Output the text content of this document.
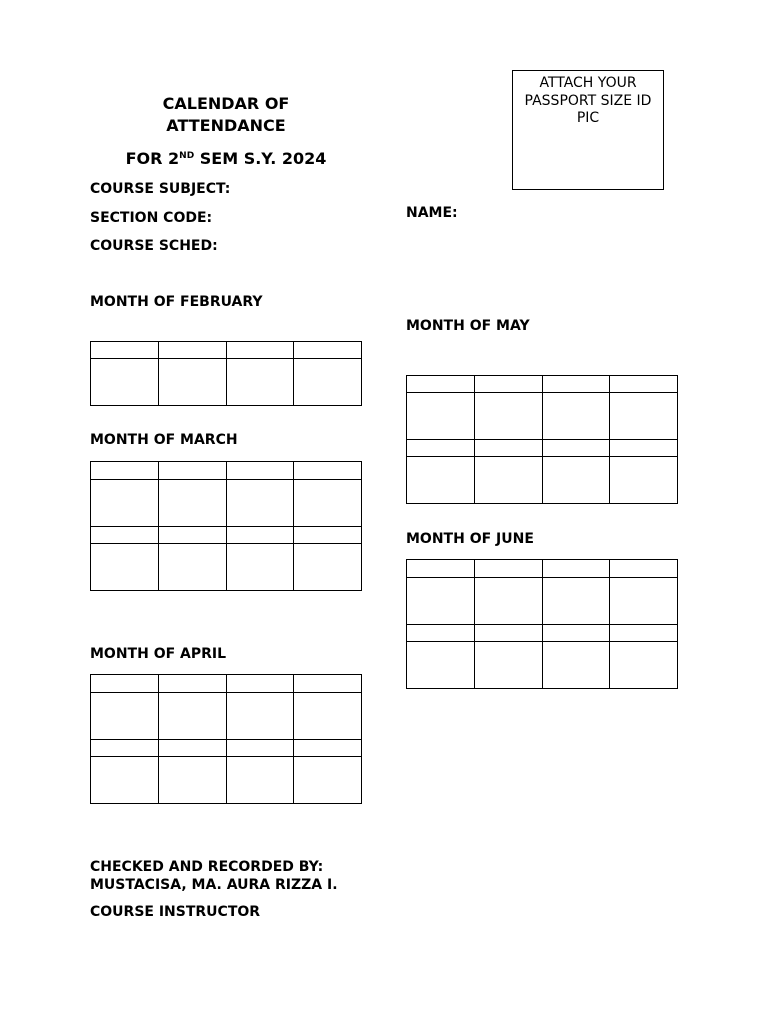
CALENDAR OF
ATTENDANCE
FOR 2ND SEM S.Y. 2024
ATTACH YOUR
PASSPORT SIZE ID
PIC
COURSE SUBJECT:
SECTION CODE:
COURSE SCHED:
NAME:
MONTH OF FEBRUARY

MONTH OF MARCH

MONTH OF APRIL

MONTH OF MAY

MONTH OF JUNE

CHECKED AND RECORDED BY:
MUSTACISA, MA. AURA RIZZA I.
COURSE INSTRUCTOR
